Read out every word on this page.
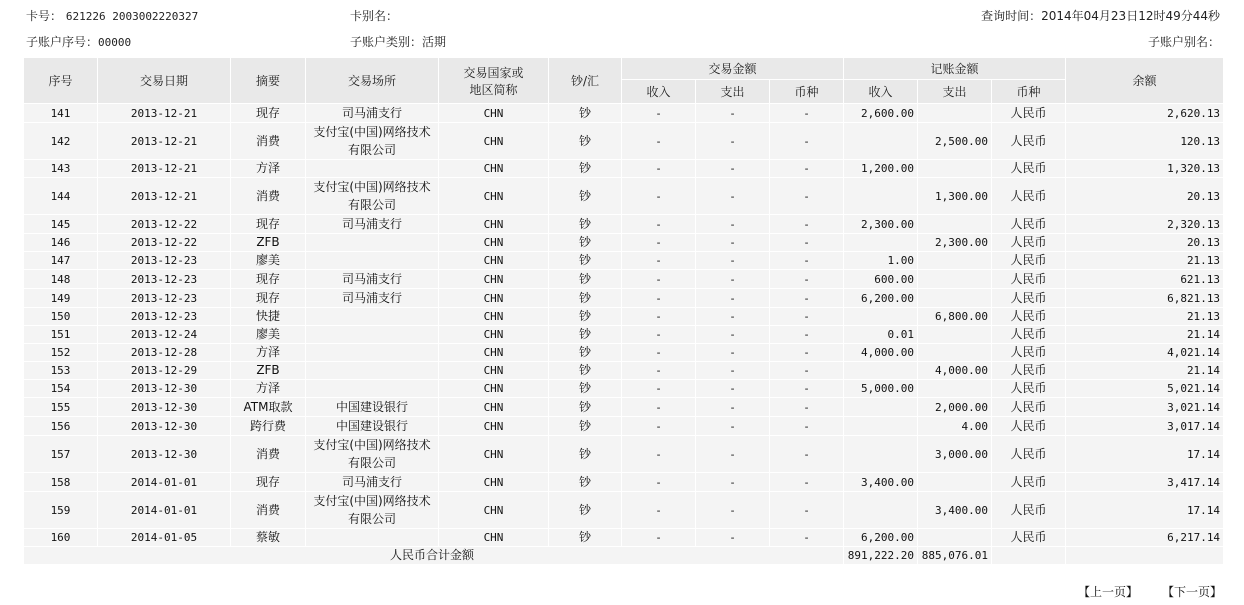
卡号： 621226 2003002220327	卡别名：	查询时间：2014年04月23日12时49分44秒
子账户序号：00000	子账户类别：活期	子账户别名：
序号	交易日期	摘要	交易场所	交易国家或
地区简称	钞/汇	交易金额			记账金额			余额
						收入	支出	币种	收入	支出	币种	
141	2013-12-21	现存	司马浦支行	CHN	钞	-	-	-	2,600.00		人民币	2,620.13
142	2013-12-21	消费	支付宝(中国)网络技术
有限公司	CHN	钞	-	-	-		2,500.00	人民币	120.13
143	2013-12-21	方泽		CHN	钞	-	-	-	1,200.00		人民币	1,320.13
144	2013-12-21	消费	支付宝(中国)网络技术
有限公司	CHN	钞	-	-	-		1,300.00	人民币	20.13
145	2013-12-22	现存	司马浦支行	CHN	钞	-	-	-	2,300.00		人民币	2,320.13
146	2013-12-22	ZFB		CHN	钞	-	-	-		2,300.00	人民币	20.13
147	2013-12-23	廖美		CHN	钞	-	-	-	1.00		人民币	21.13
148	2013-12-23	现存	司马浦支行	CHN	钞	-	-	-	600.00		人民币	621.13
149	2013-12-23	现存	司马浦支行	CHN	钞	-	-	-	6,200.00		人民币	6,821.13
150	2013-12-23	快捷		CHN	钞	-	-	-		6,800.00	人民币	21.13
151	2013-12-24	廖美		CHN	钞	-	-	-	0.01		人民币	21.14
152	2013-12-28	方泽		CHN	钞	-	-	-	4,000.00		人民币	4,021.14
153	2013-12-29	ZFB		CHN	钞	-	-	-		4,000.00	人民币	21.14
154	2013-12-30	方泽		CHN	钞	-	-	-	5,000.00		人民币	5,021.14
155	2013-12-30	ATM取款	中国建设银行	CHN	钞	-	-	-		2,000.00	人民币	3,021.14
156	2013-12-30	跨行费	中国建设银行	CHN	钞	-	-	-		4.00	人民币	3,017.14
157	2013-12-30	消费	支付宝(中国)网络技术
有限公司	CHN	钞	-	-	-		3,000.00	人民币	17.14
158	2014-01-01	现存	司马浦支行	CHN	钞	-	-	-	3,400.00		人民币	3,417.14
159	2014-01-01	消费	支付宝(中国)网络技术
有限公司	CHN	钞	-	-	-		3,400.00	人民币	17.14
160	2014-01-05	蔡敏		CHN	钞	-	-	-	6,200.00		人民币	6,217.14
人民币合计金额									891,222.20	885,076.01		
【上一页】 【下一页】
